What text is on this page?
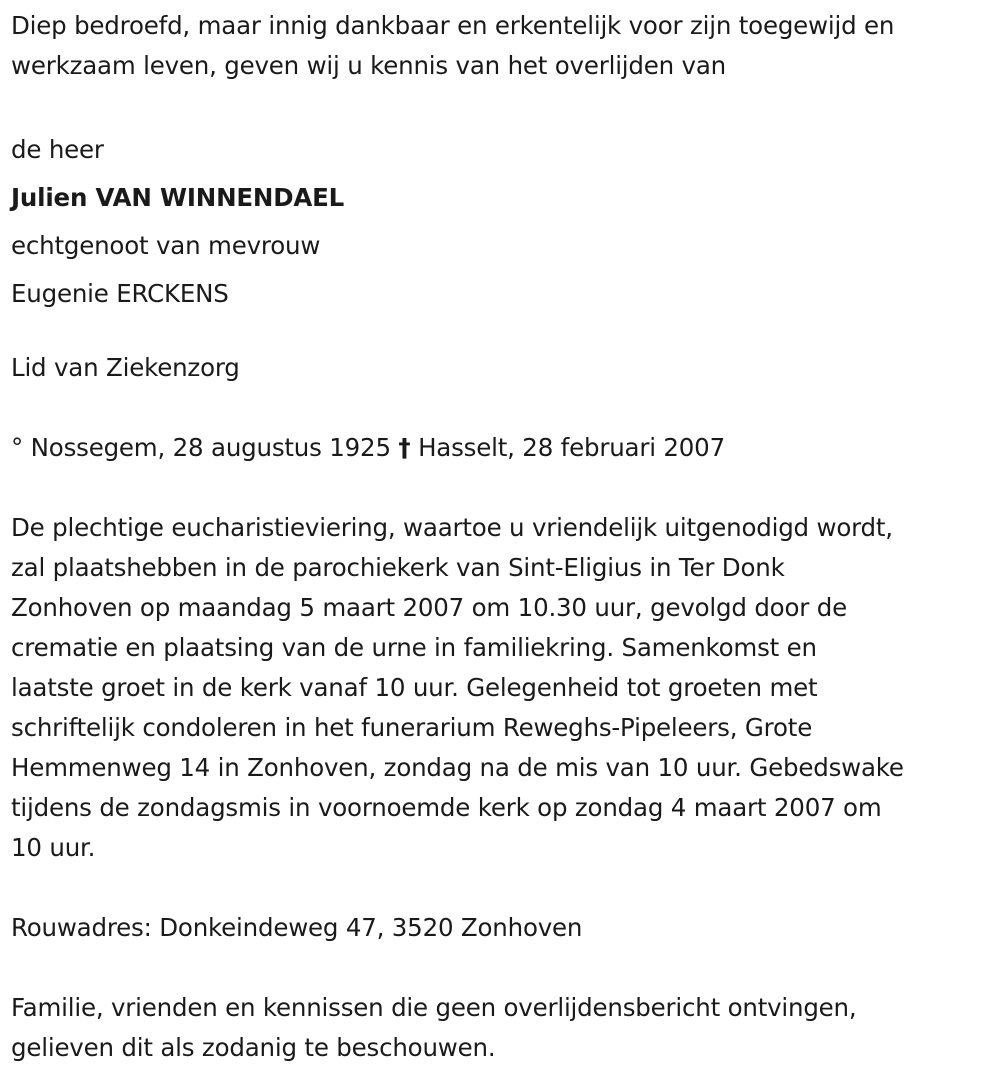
Diep bedroefd, maar innig dankbaar en erkentelijk voor zijn toegewijd en
werkzaam leven, geven wij u kennis van het overlijden van
de heer
Julien VAN WINNENDAEL
echtgenoot van mevrouw
Eugenie ERCKENS
Lid van Ziekenzorg
° Nossegem, 28 augustus 1925 † Hasselt, 28 februari 2007
De plechtige eucharistieviering, waartoe u vriendelijk uitgenodigd wordt,
zal plaatshebben in de parochiekerk van Sint-Eligius in Ter Donk
Zonhoven op maandag 5 maart 2007 om 10.30 uur, gevolgd door de
crematie en plaatsing van de urne in familiekring. Samenkomst en
laatste groet in de kerk vanaf 10 uur. Gelegenheid tot groeten met
schriftelijk condoleren in het funerarium Reweghs-Pipeleers, Grote
Hemmenweg 14 in Zonhoven, zondag na de mis van 10 uur. Gebedswake
tijdens de zondagsmis in voornoemde kerk op zondag 4 maart 2007 om
10 uur.
Rouwadres: Donkeindeweg 47, 3520 Zonhoven
Familie, vrienden en kennissen die geen overlijdensbericht ontvingen,
gelieven dit als zodanig te beschouwen.
